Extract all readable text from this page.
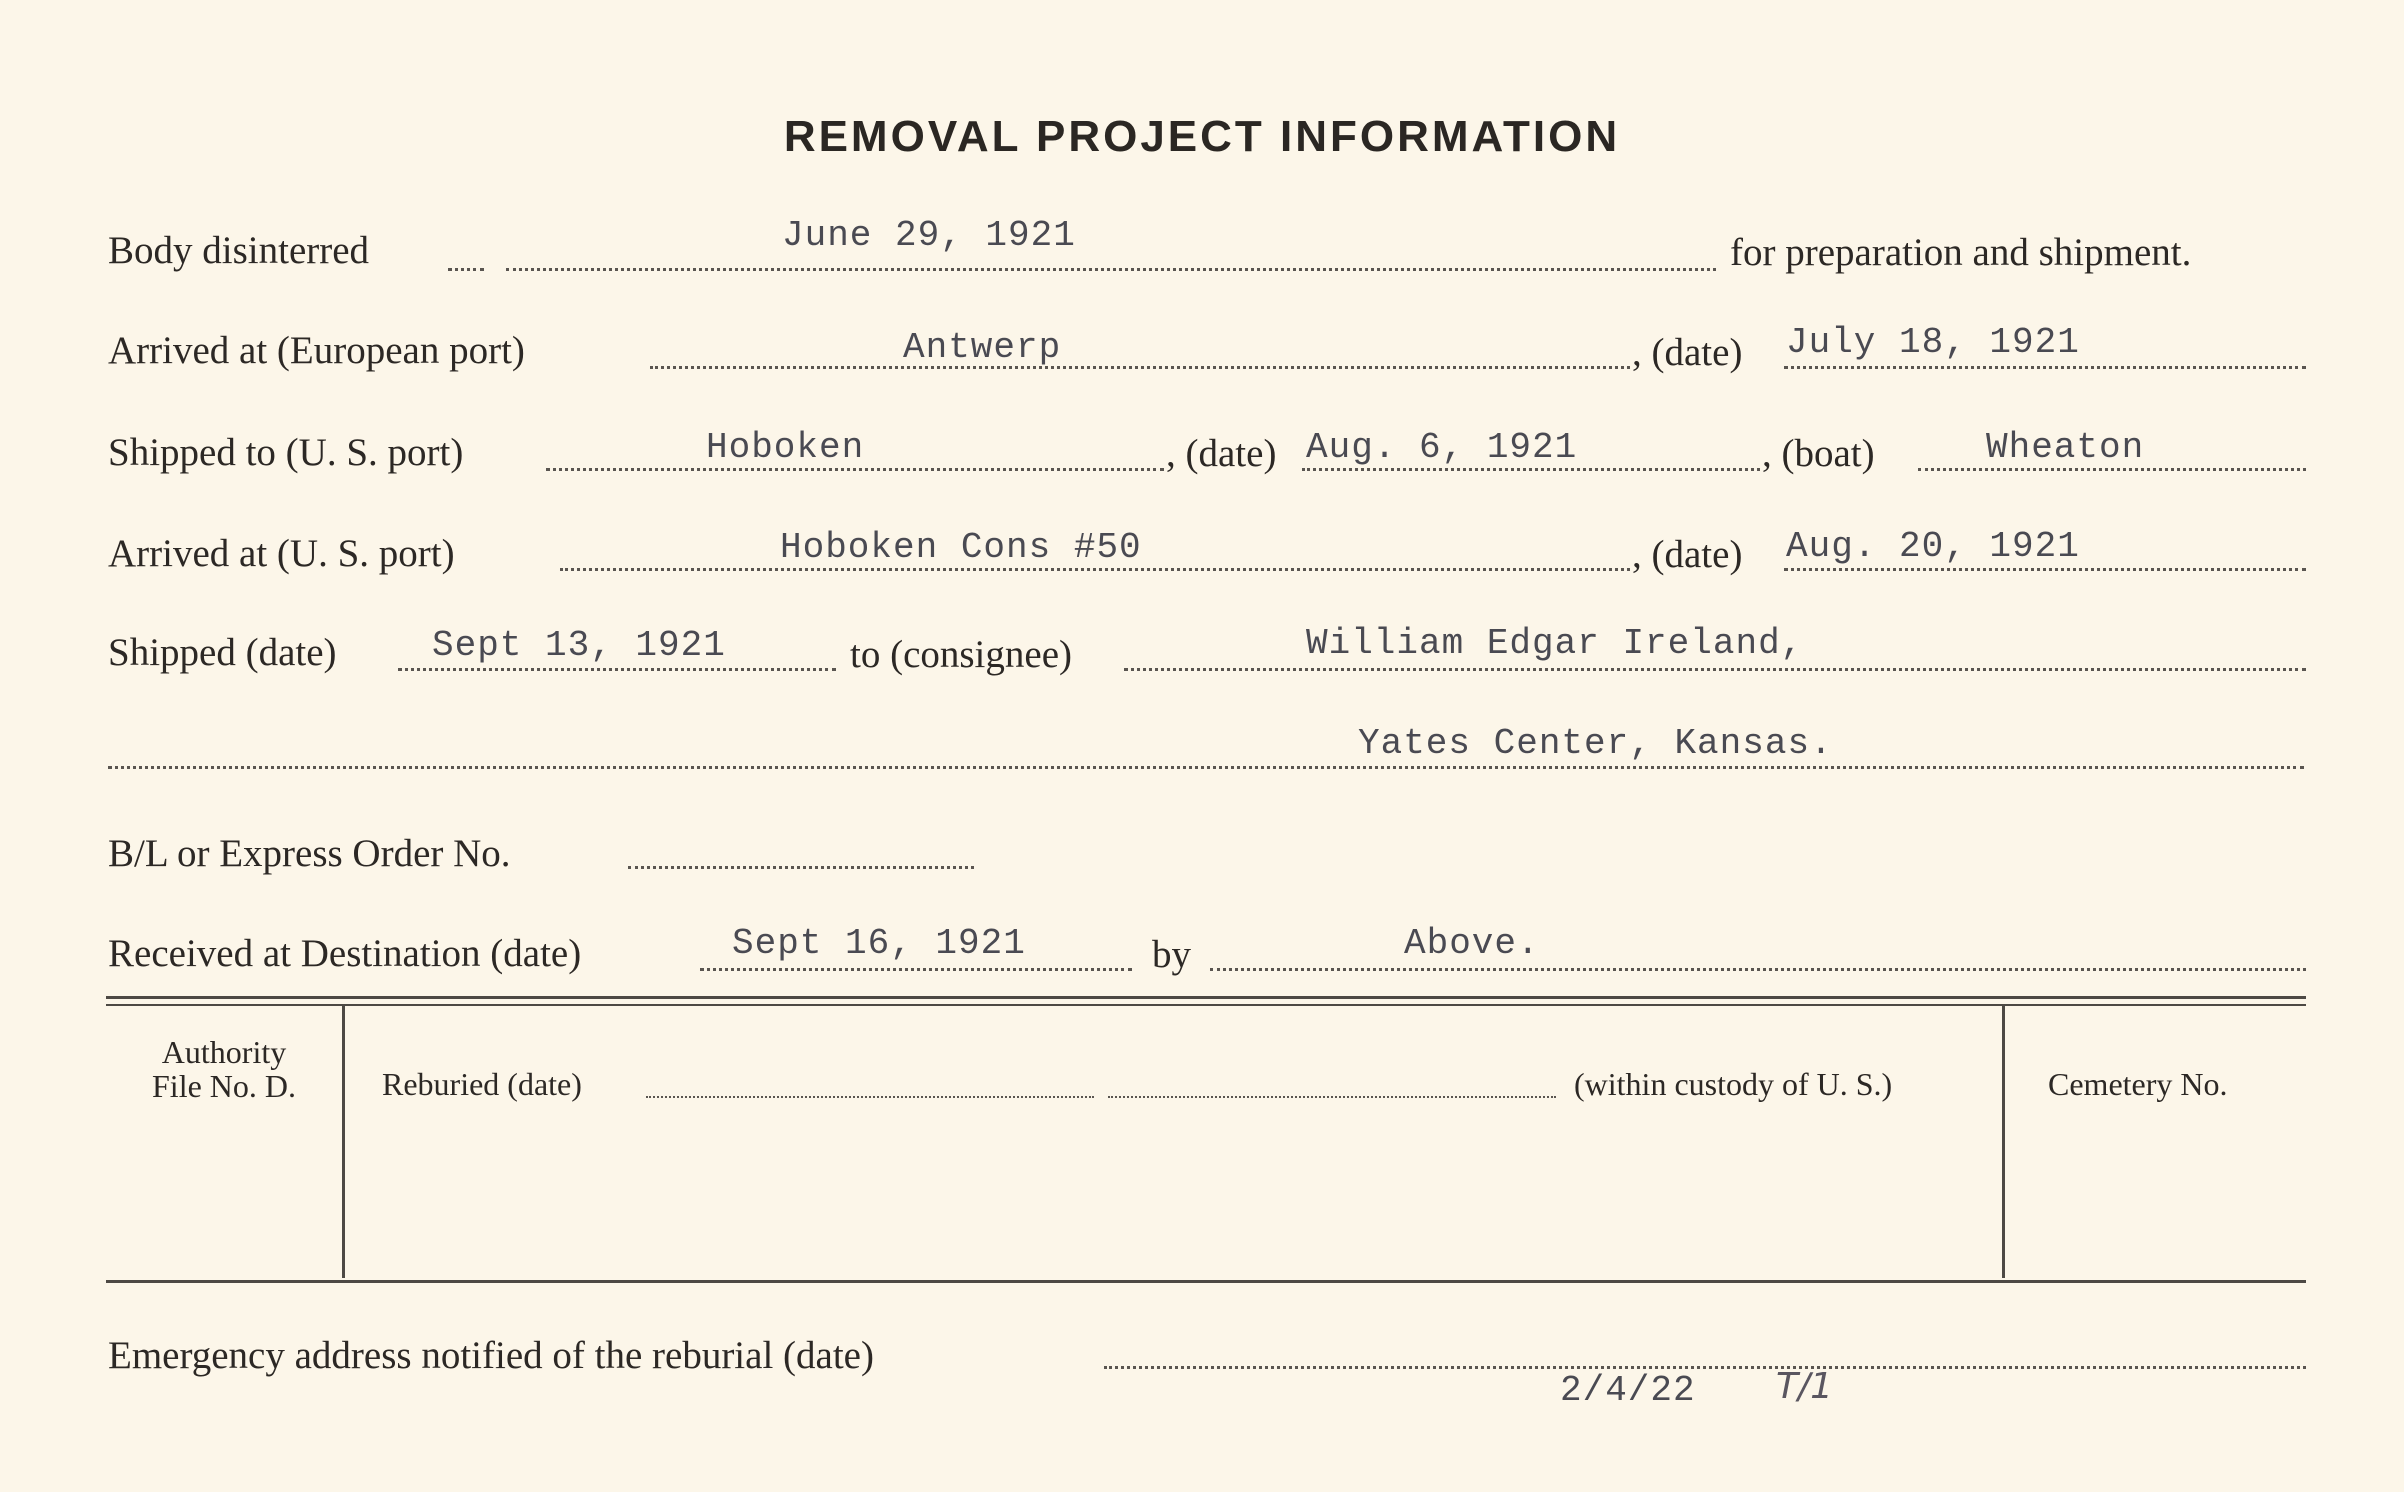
REMOVAL PROJECT INFORMATION
Body disinterred	June 29, 1921	for preparation and shipment.
Arrived at (European port)	Antwerp	, (date) July 18, 1921
Shipped to (U. S. port)	Hoboken	, (date) Aug. 6, 1921	, (boat)	Wheaton
Arrived at (U. S. port)	Hoboken Cons #50	, (date) Aug. 20, 1921
Shipped (date)	Sept 13, 1921	to (consignee)	William Edgar Ireland,
Yates Center, Kansas.
B/L or Express Order No.
Received at Destination (date)	Sept 16, 1921	by	Above.
Authority
File No. D.	Reburied (date)	(within custody of U. S.)	Cemetery No.
Emergency address notified of the reburial (date)
2/4/22 T/1
